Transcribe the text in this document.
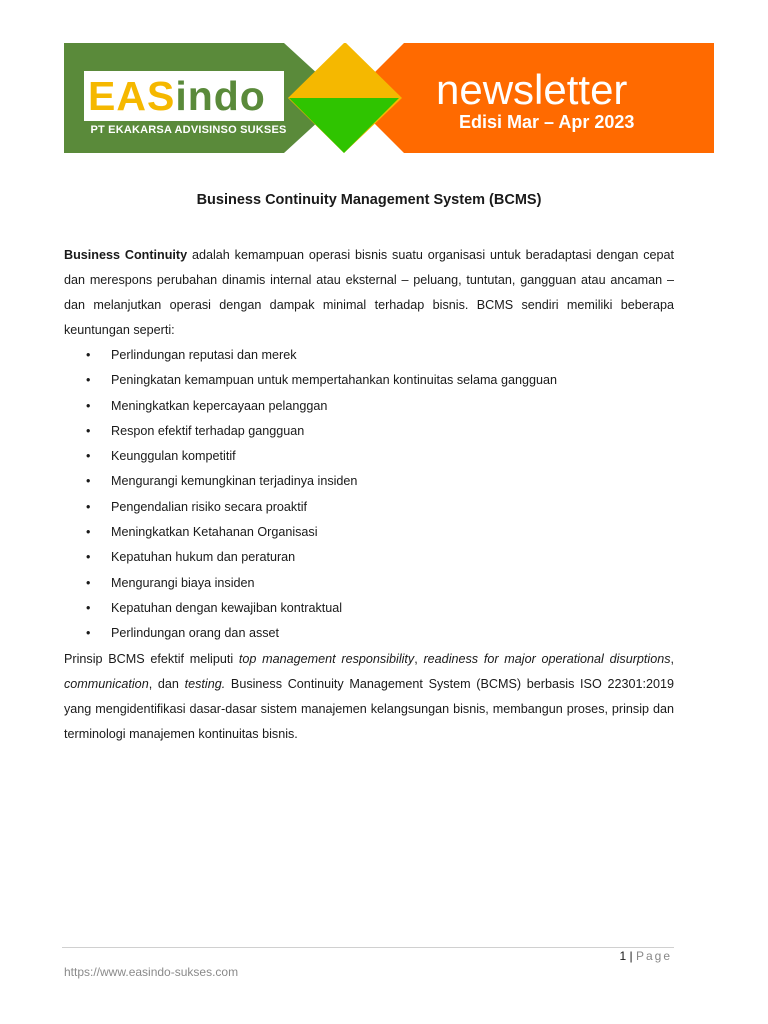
EASindo
PT EKAKARSA ADVISINSO SUKSES
newsletter
Edisi Mar – Apr 2023
Business Continuity Management System (BCMS)

Business Continuity adalah kemampuan operasi bisnis suatu organisasi untuk beradaptasi dengan cepat dan merespons perubahan dinamis internal atau eksternal – peluang, tuntutan, gangguan atau ancaman – dan melanjutkan operasi dengan dampak minimal terhadap bisnis. BCMS sendiri memiliki beberapa keuntungan seperti:

• Perlindungan reputasi dan merek
• Peningkatan kemampuan untuk mempertahankan kontinuitas selama gangguan
• Meningkatkan kepercayaan pelanggan
• Respon efektif terhadap gangguan
• Keunggulan kompetitif
• Mengurangi kemungkinan terjadinya insiden
• Pengendalian risiko secara proaktif
• Meningkatkan Ketahanan Organisasi
• Kepatuhan hukum dan peraturan
• Mengurangi biaya insiden
• Kepatuhan dengan kewajiban kontraktual
• Perlindungan orang dan asset

Prinsip BCMS efektif meliputi top management responsibility, readiness for major operational disurptions, communication, dan testing. Business Continuity Management System (BCMS) berbasis ISO 22301:2019 yang mengidentifikasi dasar-dasar sistem manajemen kelangsungan bisnis, membangun proses, prinsip dan terminologi manajemen kontinuitas bisnis.

1 | Page
https://www.easindo-sukses.com
